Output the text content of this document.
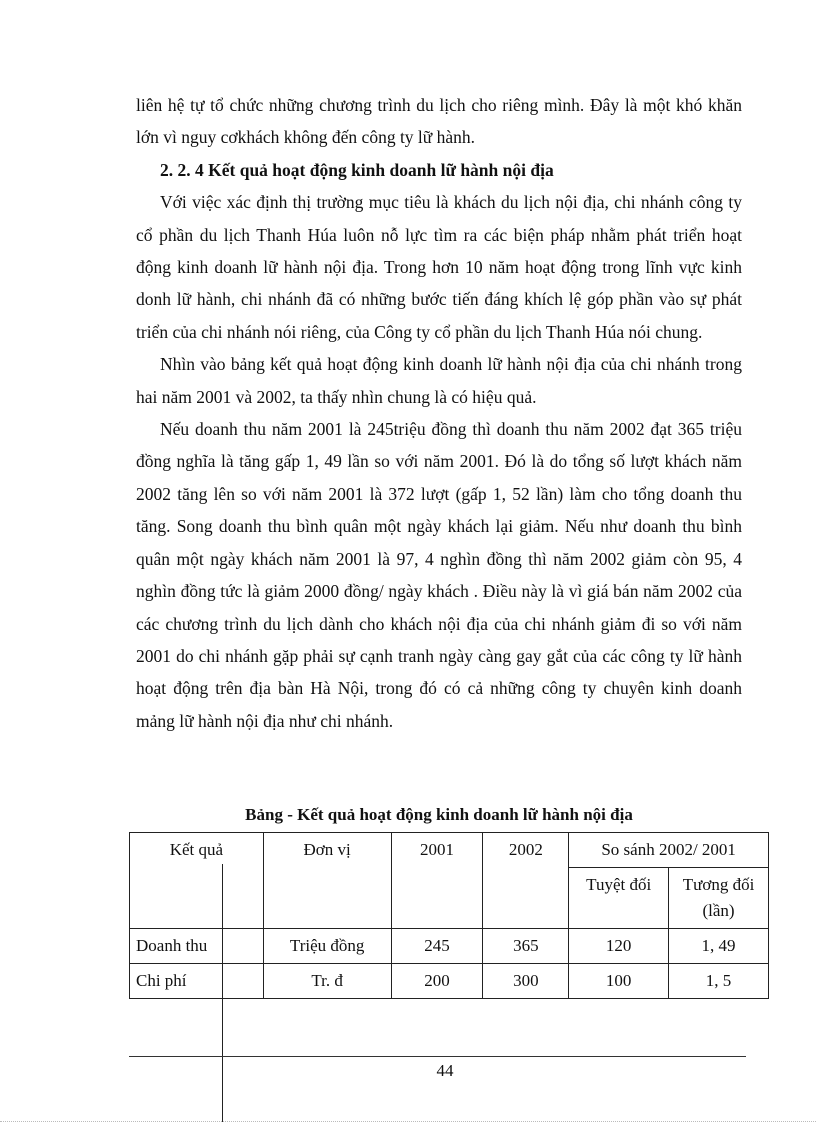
liên hệ tự tổ chức những chương trình du lịch cho riêng mình. Đây là một khó khăn lớn vì nguy cơkhách không đến công ty lữ hành.

2. 2. 4 Kết quả hoạt động kinh doanh lữ hành nội địa

Với việc xác định thị trường mục tiêu là khách du lịch nội địa, chi nhánh công ty cổ phần du lịch Thanh Húa luôn nỗ lực tìm ra các biện pháp nhằm phát triển hoạt động kinh doanh lữ hành nội địa. Trong hơn 10 năm hoạt động trong lĩnh vực kinh donh lữ hành, chi nhánh đã có những bước tiến đáng khích lệ góp phần vào sự phát triển của chi nhánh nói riêng, của Công ty cổ phần du lịch Thanh Húa nói chung.

Nhìn vào bảng kết quả hoạt động kinh doanh lữ hành nội địa của chi nhánh trong hai năm 2001 và 2002, ta thấy nhìn chung là có hiệu quả.

Nếu doanh thu năm 2001 là 245triệu đồng thì doanh thu năm 2002 đạt 365 triệu đồng nghĩa là tăng gấp 1, 49 lần so với năm 2001. Đó là do tổng số lượt khách năm 2002 tăng lên so với năm 2001 là 372 lượt (gấp 1, 52 lần) làm cho tổng doanh thu tăng. Song doanh thu bình quân một ngày khách lại giảm. Nếu như doanh thu bình quân một ngày khách năm 2001 là 97, 4 nghìn đồng thì năm 2002 giảm còn 95, 4 nghìn đồng tức là giảm 2000 đồng/ ngày khách . Điều này là vì giá bán năm 2002 của các chương trình du lịch dành cho khách nội địa của chi nhánh giảm đi so với năm 2001 do chi nhánh gặp phải sự cạnh tranh ngày càng gay gắt của các công ty lữ hành hoạt động trên địa bàn Hà Nội, trong đó có cả những công ty chuyên kinh doanh mảng lữ hành nội địa như chi nhánh.

Bảng - Kết quả hoạt động kinh doanh lữ hành nội địa
Kết quả	Đơn vị	2001	2002	So sánh 2002/ 2001	
				Tuyệt đối	Tương đối
(lần)
Doanh thu	Triệu đồng	245	365	120	1, 49
Chi phí	Tr. đ	200	300	100	1, 5
44
